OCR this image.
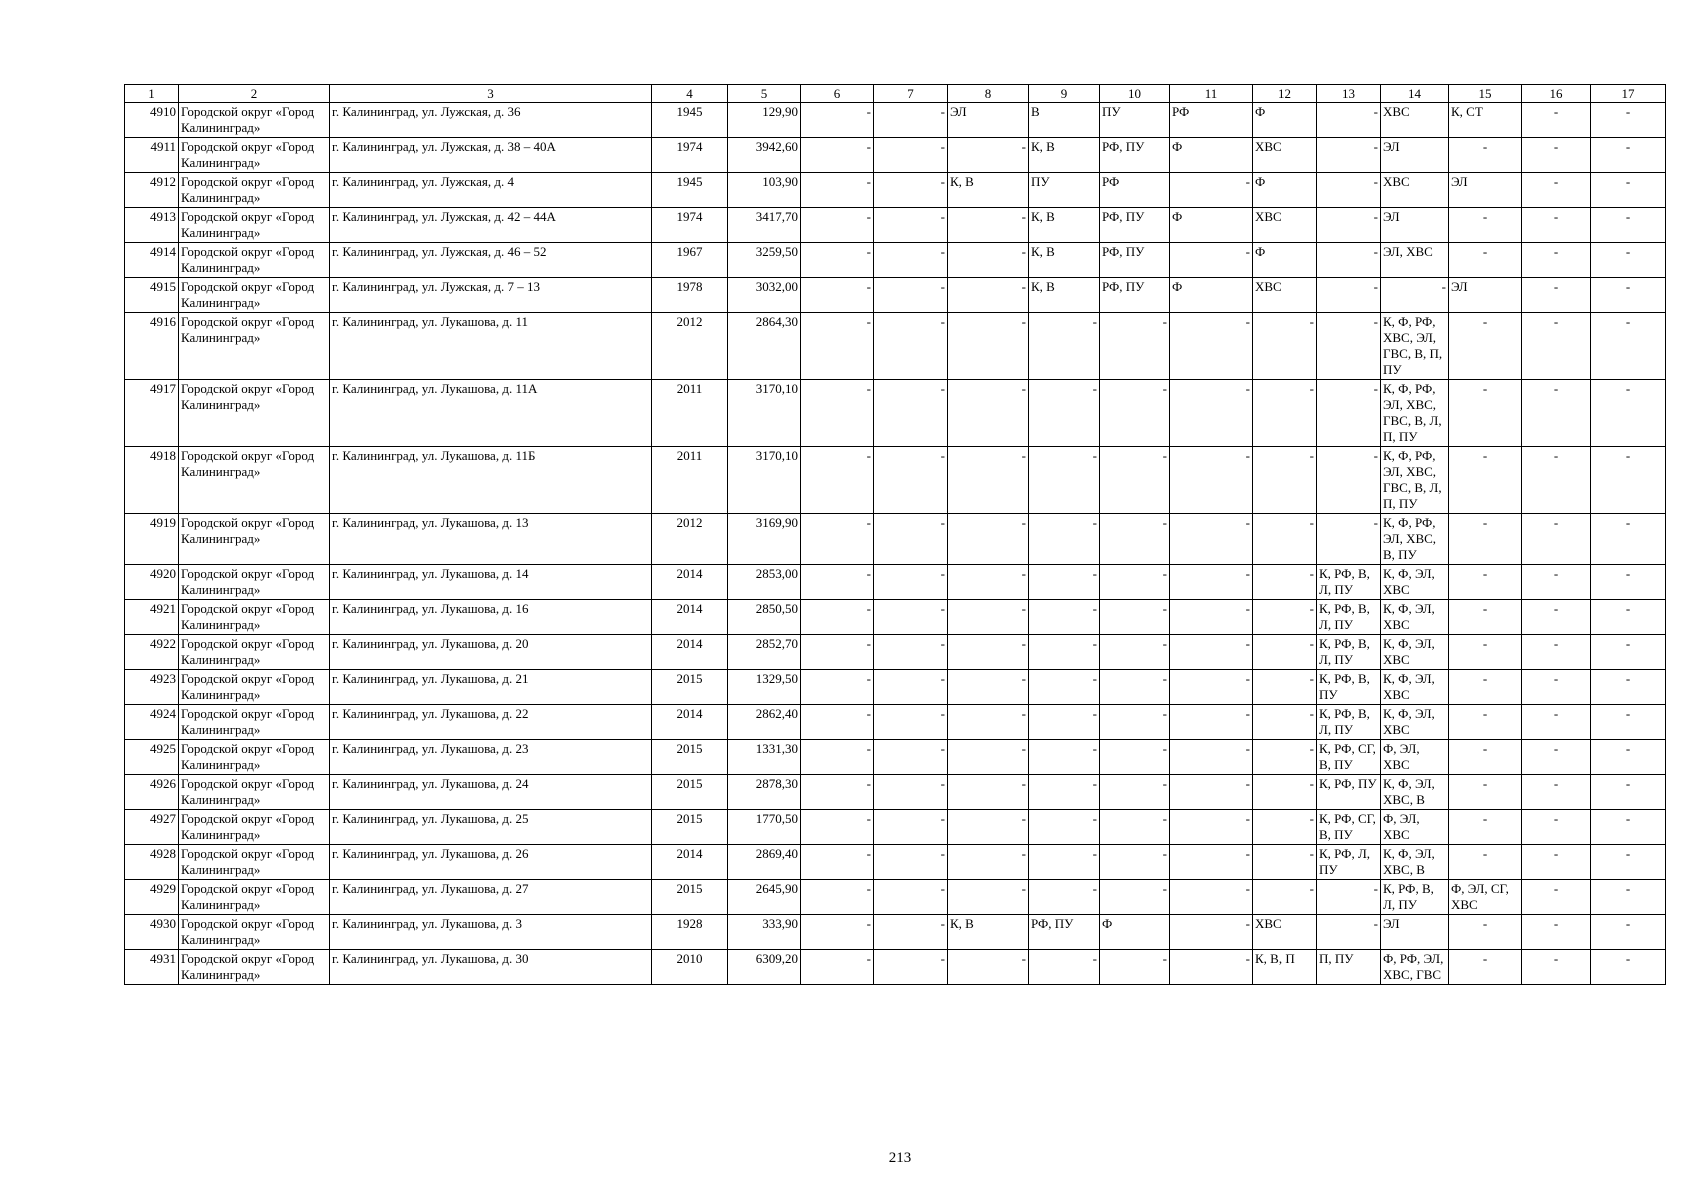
1	2	3	4	5	6	7	8	9	10	11	12	13	14	15	16	17
4910	Городской округ «Город Калининград»	г. Калининград, ул. Лужская, д. 36	1945	129,90	-	-	ЭЛ	В	ПУ	РФ	Ф	-	ХВС	К, СТ	-	-
4911	Городской округ «Город Калининград»	г. Калининград, ул. Лужская, д. 38 – 40А	1974	3942,60	-	-	-	К, В	РФ, ПУ	Ф	ХВС	-	ЭЛ	-	-	-
4912	Городской округ «Город Калининград»	г. Калининград, ул. Лужская, д. 4	1945	103,90	-	-	К, В	ПУ	РФ	-	Ф	-	ХВС	ЭЛ	-	-
4913	Городской округ «Город Калининград»	г. Калининград, ул. Лужская, д. 42 – 44А	1974	3417,70	-	-	-	К, В	РФ, ПУ	Ф	ХВС	-	ЭЛ	-	-	-
4914	Городской округ «Город Калининград»	г. Калининград, ул. Лужская, д. 46 – 52	1967	3259,50	-	-	-	К, В	РФ, ПУ	-	Ф	-	ЭЛ, ХВС	-	-	-
4915	Городской округ «Город Калининград»	г. Калининград, ул. Лужская, д. 7 – 13	1978	3032,00	-	-	-	К, В	РФ, ПУ	Ф	ХВС	-	-	ЭЛ	-	-
4916	Городской округ «Город Калининград»	г. Калининград, ул. Лукашова, д. 11	2012	2864,30	-	-	-	-	-	-	-	-	К, Ф, РФ, ХВС, ЭЛ, ГВС, В, П, ПУ	-	-	-
4917	Городской округ «Город Калининград»	г. Калининград, ул. Лукашова, д. 11А	2011	3170,10	-	-	-	-	-	-	-	-	К, Ф, РФ, ЭЛ, ХВС, ГВС, В, Л, П, ПУ	-	-	-
4918	Городской округ «Город Калининград»	г. Калининград, ул. Лукашова, д. 11Б	2011	3170,10	-	-	-	-	-	-	-	-	К, Ф, РФ, ЭЛ, ХВС, ГВС, В, Л, П, ПУ	-	-	-
4919	Городской округ «Город Калининград»	г. Калининград, ул. Лукашова, д. 13	2012	3169,90	-	-	-	-	-	-	-	-	К, Ф, РФ, ЭЛ, ХВС, В, ПУ	-	-	-
4920	Городской округ «Город Калининград»	г. Калининград, ул. Лукашова, д. 14	2014	2853,00	-	-	-	-	-	-	-	К, РФ, В, Л, ПУ	К, Ф, ЭЛ, ХВС	-	-	-
4921	Городской округ «Город Калининград»	г. Калининград, ул. Лукашова, д. 16	2014	2850,50	-	-	-	-	-	-	-	К, РФ, В, Л, ПУ	К, Ф, ЭЛ, ХВС	-	-	-
4922	Городской округ «Город Калининград»	г. Калининград, ул. Лукашова, д. 20	2014	2852,70	-	-	-	-	-	-	-	К, РФ, В, Л, ПУ	К, Ф, ЭЛ, ХВС	-	-	-
4923	Городской округ «Город Калининград»	г. Калининград, ул. Лукашова, д. 21	2015	1329,50	-	-	-	-	-	-	-	К, РФ, В, ПУ	К, Ф, ЭЛ, ХВС	-	-	-
4924	Городской округ «Город Калининград»	г. Калининград, ул. Лукашова, д. 22	2014	2862,40	-	-	-	-	-	-	-	К, РФ, В, Л, ПУ	К, Ф, ЭЛ, ХВС	-	-	-
4925	Городской округ «Город Калининград»	г. Калининград, ул. Лукашова, д. 23	2015	1331,30	-	-	-	-	-	-	-	К, РФ, СГ, В, ПУ	Ф, ЭЛ, ХВС	-	-	-
4926	Городской округ «Город Калининград»	г. Калининград, ул. Лукашова, д. 24	2015	2878,30	-	-	-	-	-	-	-	К, РФ, ПУ	К, Ф, ЭЛ, ХВС, В	-	-	-
4927	Городской округ «Город Калининград»	г. Калининград, ул. Лукашова, д. 25	2015	1770,50	-	-	-	-	-	-	-	К, РФ, СГ, В, ПУ	Ф, ЭЛ, ХВС	-	-	-
4928	Городской округ «Город Калининград»	г. Калининград, ул. Лукашова, д. 26	2014	2869,40	-	-	-	-	-	-	-	К, РФ, Л, ПУ	К, Ф, ЭЛ, ХВС, В	-	-	-
4929	Городской округ «Город Калининград»	г. Калининград, ул. Лукашова, д. 27	2015	2645,90	-	-	-	-	-	-	-	-	К, РФ, В, Л, ПУ	Ф, ЭЛ, СГ, ХВС	-	-
4930	Городской округ «Город Калининград»	г. Калининград, ул. Лукашова, д. 3	1928	333,90	-	-	К, В	РФ, ПУ	Ф	-	ХВС	-	ЭЛ	-	-	-
4931	Городской округ «Город Калининград»	г. Калининград, ул. Лукашова, д. 30	2010	6309,20	-	-	-	-	-	-	К, В, П	П, ПУ	Ф, РФ, ЭЛ, ХВС, ГВС	-	-	-
213
